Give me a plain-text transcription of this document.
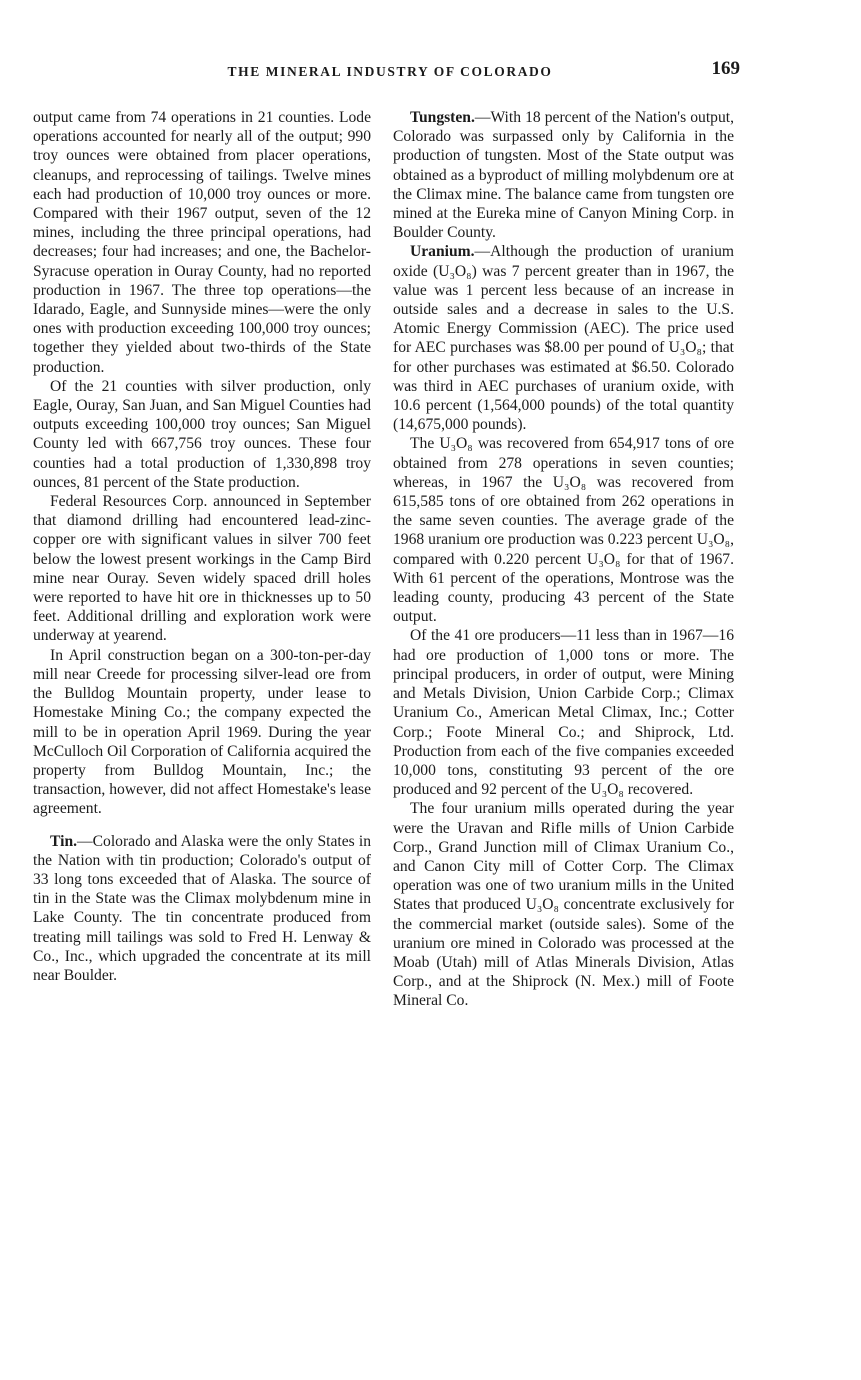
THE MINERAL INDUSTRY OF COLORADO	169

output came from 74 operations in 21 counties. Lode operations accounted for nearly all of the output; 990 troy ounces were obtained from placer operations, cleanups, and reprocessing of tailings. Twelve mines each had production of 10,000 troy ounces or more. Compared with their 1967 output, seven of the 12 mines, including the three principal operations, had decreases; four had increases; and one, the Bachelor-Syracuse operation in Ouray County, had no reported production in 1967. The three top operations—the Idarado, Eagle, and Sunnyside mines—were the only ones with production exceeding 100,000 troy ounces; together they yielded about two-thirds of the State production.

Of the 21 counties with silver production, only Eagle, Ouray, San Juan, and San Miguel Counties had outputs exceeding 100,000 troy ounces; San Miguel County led with 667,756 troy ounces. These four counties had a total production of 1,330,898 troy ounces, 81 percent of the State production.

Federal Resources Corp. announced in September that diamond drilling had encountered lead-zinc-copper ore with significant values in silver 700 feet below the lowest present workings in the Camp Bird mine near Ouray. Seven widely spaced drill holes were reported to have hit ore in thicknesses up to 50 feet. Additional drilling and exploration work were underway at yearend.

In April construction began on a 300-ton-per-day mill near Creede for processing silver-lead ore from the Bulldog Mountain property, under lease to Homestake Mining Co.; the company expected the mill to be in operation April 1969. During the year McCulloch Oil Corporation of California acquired the property from Bulldog Mountain, Inc.; the transaction, however, did not affect Homestake's lease agreement.

Tin.—Colorado and Alaska were the only States in the Nation with tin production; Colorado's output of 33 long tons exceeded that of Alaska. The source of tin in the State was the Climax molybdenum mine in Lake County. The tin concentrate produced from treating mill tailings was sold to Fred H. Lenway & Co., Inc., which upgraded the concentrate at its mill near Boulder.

Tungsten.—With 18 percent of the Nation's output, Colorado was surpassed only by California in the production of tungsten. Most of the State output was obtained as a byproduct of milling molybdenum ore at the Climax mine. The balance came from tungsten ore mined at the Eureka mine of Canyon Mining Corp. in Boulder County.

Uranium.—Although the production of uranium oxide (U₃O₈) was 7 percent greater than in 1967, the value was 1 percent less because of an increase in outside sales and a decrease in sales to the U.S. Atomic Energy Commission (AEC). The price used for AEC purchases was $8.00 per pound of U₃O₈; that for other purchases was estimated at $6.50. Colorado was third in AEC purchases of uranium oxide, with 10.6 percent (1,564,000 pounds) of the total quantity (14,675,000 pounds).

The U₃O₈ was recovered from 654,917 tons of ore obtained from 278 operations in seven counties; whereas, in 1967 the U₃O₈ was recovered from 615,585 tons of ore obtained from 262 operations in the same seven counties. The average grade of the 1968 uranium ore production was 0.223 percent U₃O₈, compared with 0.220 percent U₃O₈ for that of 1967. With 61 percent of the operations, Montrose was the leading county, producing 43 percent of the State output.

Of the 41 ore producers—11 less than in 1967—16 had ore production of 1,000 tons or more. The principal producers, in order of output, were Mining and Metals Division, Union Carbide Corp.; Climax Uranium Co., American Metal Climax, Inc.; Cotter Corp.; Foote Mineral Co.; and Shiprock, Ltd. Production from each of the five companies exceeded 10,000 tons, constituting 93 percent of the ore produced and 92 percent of the U₃O₈ recovered.

The four uranium mills operated during the year were the Uravan and Rifle mills of Union Carbide Corp., Grand Junction mill of Climax Uranium Co., and Canon City mill of Cotter Corp. The Climax operation was one of two uranium mills in the United States that produced U₃O₈ concentrate exclusively for the commercial market (outside sales). Some of the uranium ore mined in Colorado was processed at the Moab (Utah) mill of Atlas Minerals Division, Atlas Corp., and at the Shiprock (N. Mex.) mill of Foote Mineral Co.
